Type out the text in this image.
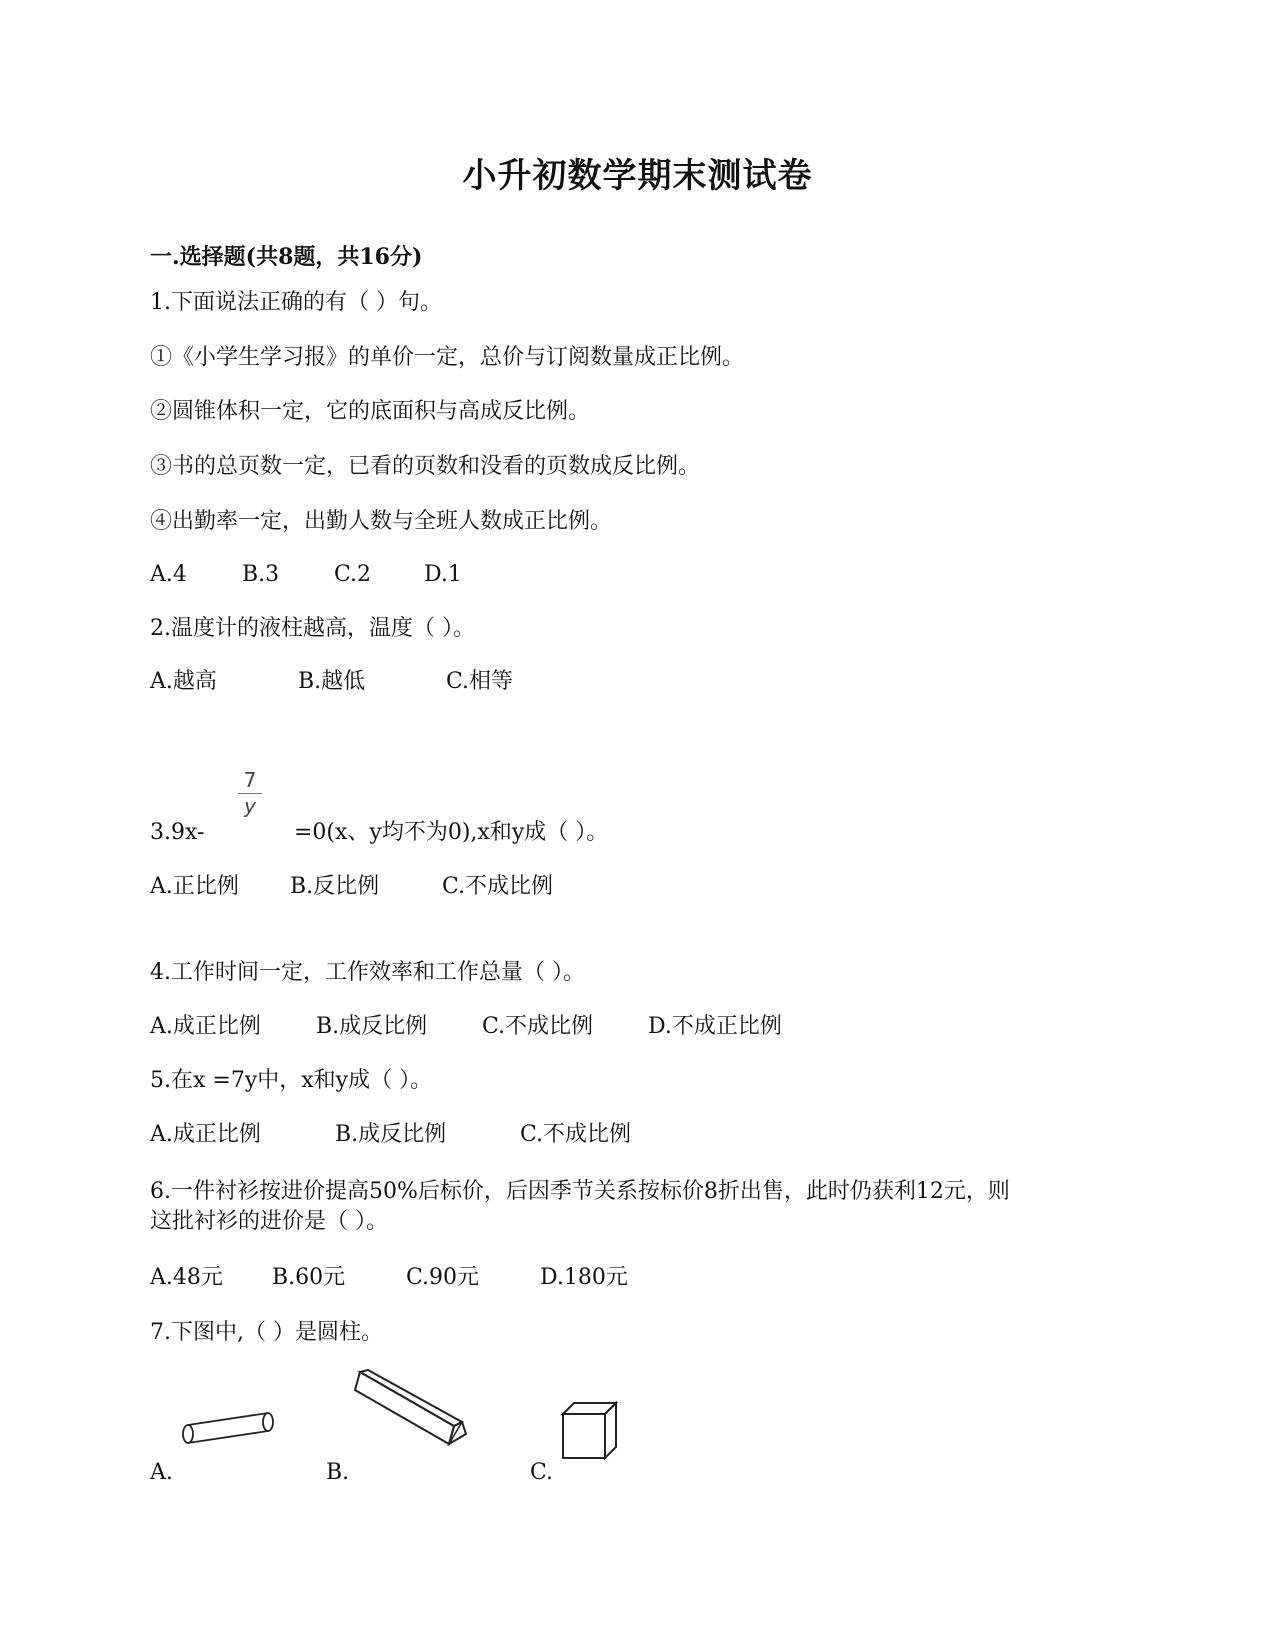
小升初数学期末测试卷
一.选择题(共8题，共16分)
1.下面说法正确的有（ ）句。
①《小学生学习报》的单价一定，总价与订阅数量成正比例。
②圆锥体积一定，它的底面积与高成反比例。
③书的总页数一定，已看的页数和没看的页数成反比例。
④出勤率一定，出勤人数与全班人数成正比例。
A.4	B.3 C.2 D.1
2.温度计的液柱越高，温度（ ）。
A.越高	B.越低	C.相等
$\frac{7}{y}$
3.9x-	=0(x、y均不为0),x和y成（ ）。
A.正比例 B.反比例	C.不成比例
4.工作时间一定，工作效率和工作总量（ ）。
A.成正比例	B.成反比例 C.不成比例 D.不成正比例
5.在x =7y中，x和y成（ ）。
A.成正比例	B.成反比例	C.不成比例
6.一件衬衫按进价提高50%后标价，后因季节关系按标价8折出售，此时仍获利12元，则
这批衬衫的进价是（ ）。
A.48元 B.60元	C.90元	D.180元
7.下图中,（ ）是圆柱。
A.	B.	C.
